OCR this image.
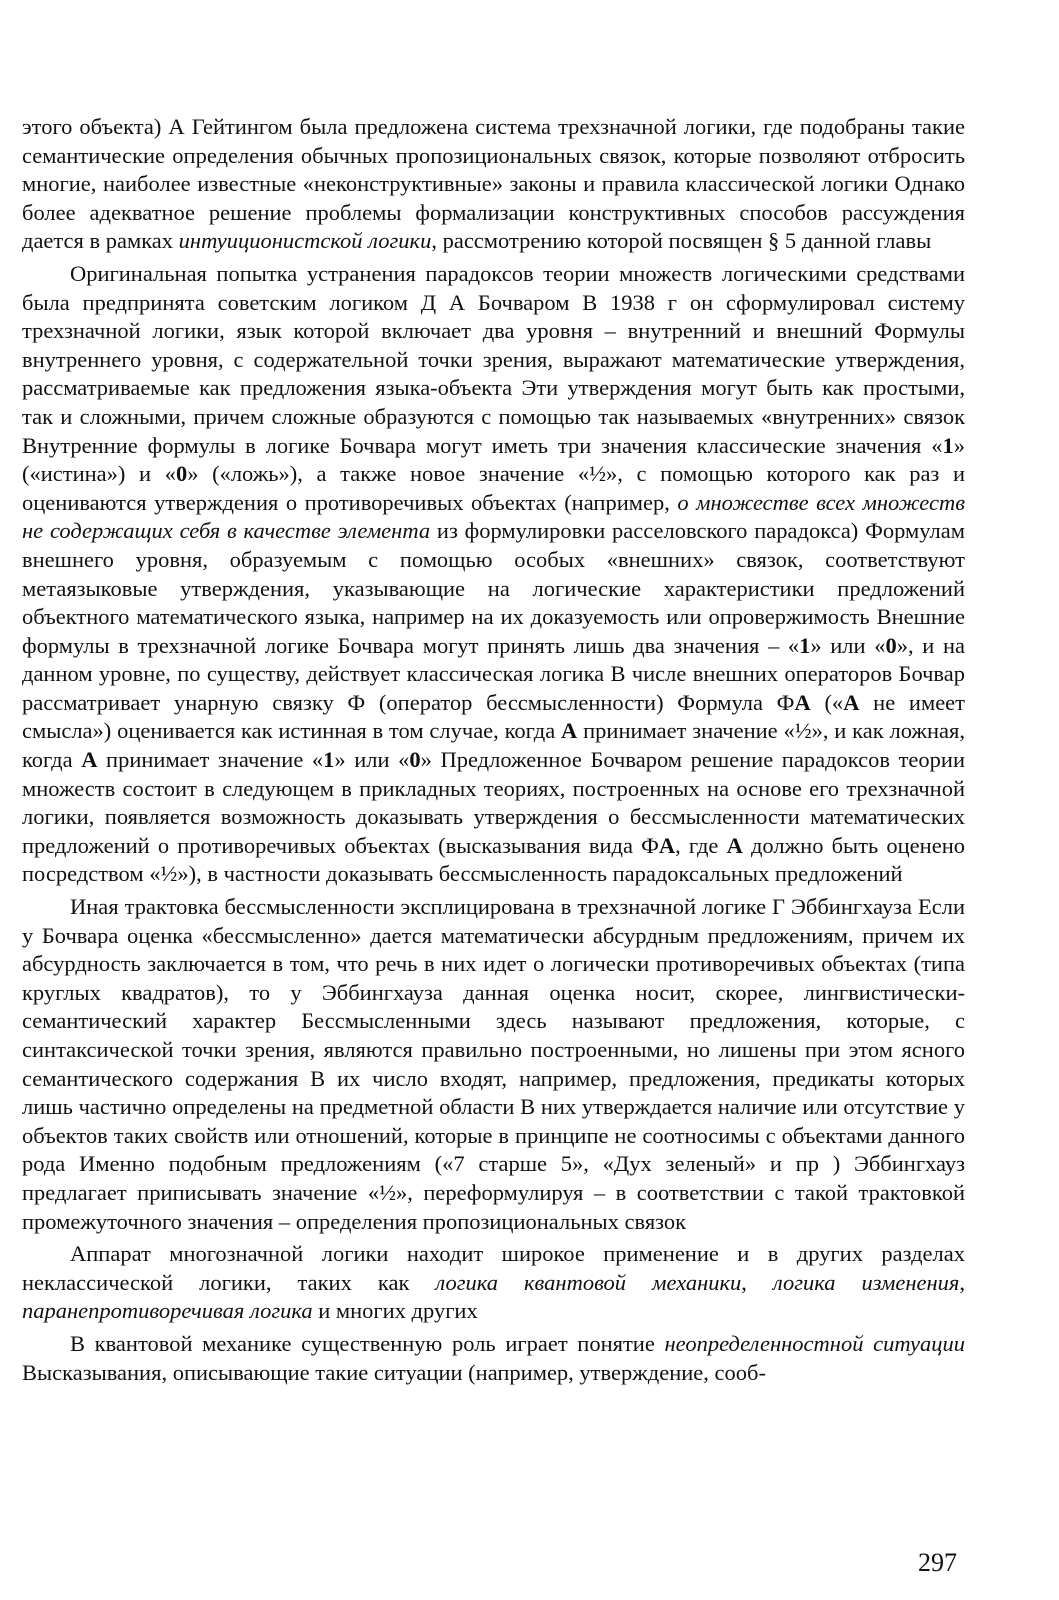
этого объекта) А Гейтингом была предложена система трехзначной логики, где подобраны такие семантические определения обычных пропозициональных связок, которые позволяют отбросить многие, наиболее известные «неконструктивные» законы и правила классической логики Однако более адекватное решение проблемы формализации конструктивных способов рассуждения дается в рамках интуиционистской логики, рассмотрению которой посвящен § 5 данной главы

Оригинальная попытка устранения парадоксов теории множеств логическими средствами была предпринята советским логиком Д А Бочваром В 1938 г он сформулировал систему трехзначной логики, язык которой включает два уровня – внутренний и внешний Формулы внутреннего уровня, с содержательной точки зрения, выражают математические утверждения, рассматриваемые как предложения языка-объекта Эти утверждения могут быть как простыми, так и сложными, причем сложные образуются с помощью так называемых «внутренних» связок Внутренние формулы в логике Бочвара могут иметь три значения классические значения «1» («истина») и «0» («ложь»), а также новое значение «½», с помощью которого как раз и оцениваются утверждения о противоречивых объектах (например, о множестве всех множеств не содержащих себя в качестве элемента из формулировки расселовского парадокса) Формулам внешнего уровня, образуемым с помощью особых «внешних» связок, соответствуют метаязыковые утверждения, указывающие на логические характеристики предложений объектного математического языка, например на их доказуемость или опровержимость Внешние формулы в трехзначной логике Бочвара могут принять лишь два значения – «1» или «0», и на данном уровне, по существу, действует классическая логика В числе внешних операторов Бочвар рассматривает унарную связку Ф (оператор бессмысленности) Формула ФА («А не имеет смысла») оценивается как истинная в том случае, когда А принимает значение «½», и как ложная, когда А принимает значение «1» или «0» Предложенное Бочваром решение парадоксов теории множеств состоит в следующем в прикладных теориях, построенных на основе его трехзначной логики, появляется возможность доказывать утверждения о бессмысленности математических предложений о противоречивых объектах (высказывания вида ФА, где А должно быть оценено посредством «½»), в частности доказывать бессмысленность парадоксальных предложений

Иная трактовка бессмысленности эксплицирована в трехзначной логике Г Эббингхауза Если у Бочвара оценка «бессмысленно» дается математически абсурдным предложениям, причем их абсурдность заключается в том, что речь в них идет о логически противоречивых объектах (типа круглых квадратов), то у Эббингхауза данная оценка носит, скорее, лингвистически-семантический характер Бессмысленными здесь называют предложения, которые, с синтаксической точки зрения, являются правильно построенными, но лишены при этом ясного семантического содержания В их число входят, например, предложения, предикаты которых лишь частично определены на предметной области В них утверждается наличие или отсутствие у объектов таких свойств или отношений, которые в принципе не соотносимы с объектами данного рода Именно подобным предложениям («7 старше 5», «Дух зеленый» и пр ) Эббингхауз предлагает приписывать значение «½», переформулируя – в соответствии с такой трактовкой промежуточного значения – определения пропозициональных связок

Аппарат многозначной логики находит широкое применение и в других разделах неклассической логики, таких как логика квантовой механики, логика изменения, паранепротиворечивая логика и многих других

В квантовой механике существенную роль играет понятие неопределенностной ситуации Высказывания, описывающие такие ситуации (например, утверждение, сооб-

297
